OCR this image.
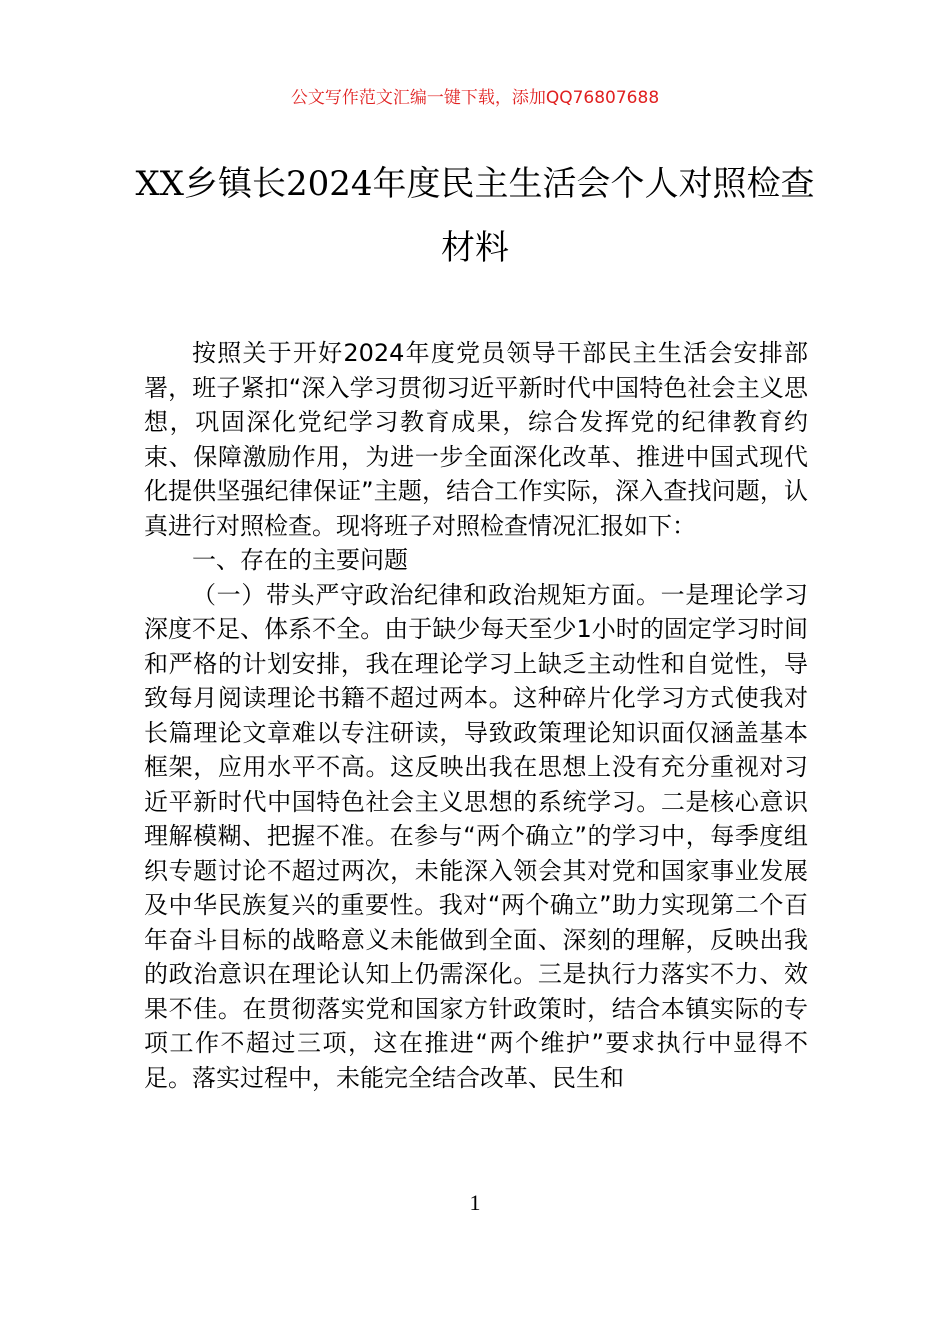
公文写作范文汇编一键下载，添加QQ76807688
XX乡镇长2024年度民主生活会个人对照检查材料

按照关于开好2024年度党员领导干部民主生活会安排部署，班子紧扣“深入学习贯彻习近平新时代中国特色社会主义思想，巩固深化党纪学习教育成果，综合发挥党的纪律教育约束、保障激励作用，为进一步全面深化改革、推进中国式现代化提供坚强纪律保证”主题，结合工作实际，深入查找问题，认真进行对照检查。现将班子对照检查情况汇报如下：

一、存在的主要问题

（一）带头严守政治纪律和政治规矩方面。一是理论学习深度不足、体系不全。由于缺少每天至少1小时的固定学习时间和严格的计划安排，我在理论学习上缺乏主动性和自觉性，导致每月阅读理论书籍不超过两本。这种碎片化学习方式使我对长篇理论文章难以专注研读，导致政策理论知识面仅涵盖基本框架，应用水平不高。这反映出我在思想上没有充分重视对习近平新时代中国特色社会主义思想的系统学习。二是核心意识理解模糊、把握不准。在参与“两个确立”的学习中，每季度组织专题讨论不超过两次，未能深入领会其对党和国家事业发展及中华民族复兴的重要性。我对“两个确立”助力实现第二个百年奋斗目标的战略意义未能做到全面、深刻的理解，反映出我的政治意识在理论认知上仍需深化。三是执行力落实不力、效果不佳。在贯彻落实党和国家方针政策时，结合本镇实际的专项工作不超过三项，这在推进“两个维护”要求执行中显得不足。落实过程中，未能完全结合改革、民生和

1
